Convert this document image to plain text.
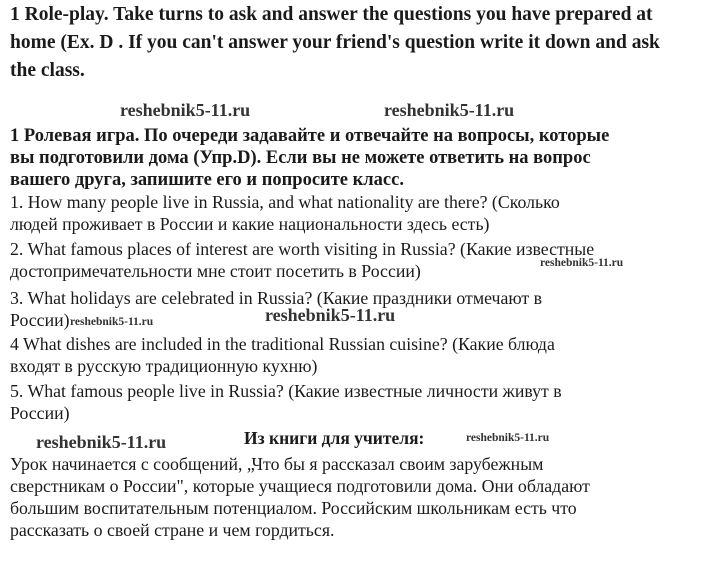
1 Role-play. Take turns to ask and answer the questions you have prepared at
home (Ex. D . If you can't answer your friend's question write it down and ask
the class.
reshebnik5-11.ru	reshebnik5-11.ru
1 Ролевая игра. По очереди задавайте и отвечайте на вопросы, которые
вы подготовили дома (Упр.D). Если вы не можете ответить на вопрос
вашего друга, запишите его и попросите класс.
1. How many people live in Russia, and what nationality are there? (Сколько
людей проживает в России и какие национальности здесь есть)
2. What famous places of interest are worth visiting in Russia? (Какие известные
достопримечательности мне стоит посетить в России)	reshebnik5-11.ru
3. What holidays are celebrated in Russia? (Какие праздники отмечают в
России) reshebnik5-11.ru	reshebnik5-11.ru
4 What dishes are included in the traditional Russian cuisine? (Какие блюда
входят в русскую традиционную кухню)
5. What famous people live in Russia? (Какие известные личности живут в
России)
reshebnik5-11.ru	Из книги для учителя:	reshebnik5-11.ru
Урок начинается с сообщений, „Что бы я рассказал своим зарубежным
сверстникам о России", которые учащиеся подготовили дома. Они обладают
большим воспитательным потенциалом. Российским школьникам есть что
рассказать о своей стране и чем гордиться.
